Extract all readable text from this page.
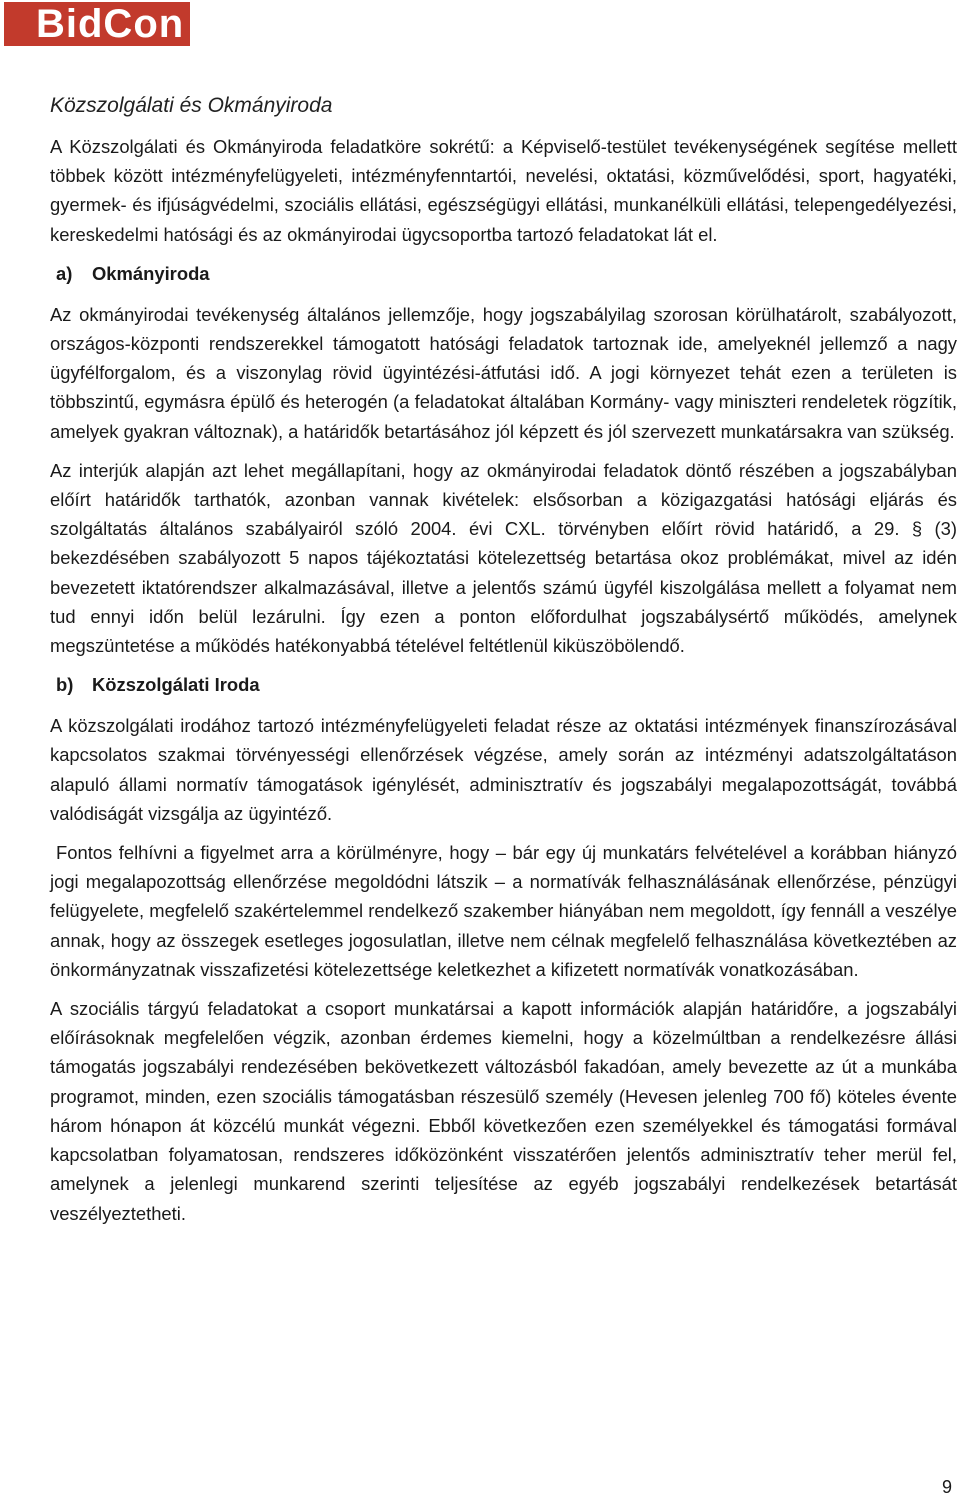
BidCon
Közszolgálati és Okmányiroda

A Közszolgálati és Okmányiroda feladatköre sokrétű: a Képviselő-testület tevékenységének segítése mellett többek között intézményfelügyeleti, intézményfenntartói, nevelési, oktatási, közművelődési, sport, hagyatéki, gyermek- és ifjúságvédelmi, szociális ellátási, egészségügyi ellátási, munkanélküli ellátási, telepengedélyezési, kereskedelmi hatósági és az okmányirodai ügycsoportba tartozó feladatokat lát el.

a) Okmányiroda

Az okmányirodai tevékenység általános jellemzője, hogy jogszabályilag szorosan körülhatárolt, szabályozott, országos-központi rendszerekkel támogatott hatósági feladatok tartoznak ide, amelyeknél jellemző a nagy ügyfélforgalom, és a viszonylag rövid ügyintézési-átfutási idő. A jogi környezet tehát ezen a területen is többszintű, egymásra épülő és heterogén (a feladatokat általában Kormány- vagy miniszteri rendeletek rögzítik, amelyek gyakran változnak), a határidők betartásához jól képzett és jól szervezett munkatársakra van szükség.

Az interjúk alapján azt lehet megállapítani, hogy az okmányirodai feladatok döntő részében a jogszabályban előírt határidők tarthatók, azonban vannak kivételek: elsősorban a közigazgatási hatósági eljárás és szolgáltatás általános szabályairól szóló 2004. évi CXL. törvényben előírt rövid határidő, a 29. § (3) bekezdésében szabályozott 5 napos tájékoztatási kötelezettség betartása okoz problémákat, mivel az idén bevezetett iktatórendszer alkalmazásával, illetve a jelentős számú ügyfél kiszolgálása mellett a folyamat nem tud ennyi időn belül lezárulni. Így ezen a ponton előfordulhat jogszabálysértő működés, amelynek megszüntetése a működés hatékonyabbá tételével feltétlenül kiküszöbölendő.

b) Közszolgálati Iroda

A közszolgálati irodához tartozó intézményfelügyeleti feladat része az oktatási intézmények finanszírozásával kapcsolatos szakmai törvényességi ellenőrzések végzése, amely során az intézményi adatszolgáltatáson alapuló állami normatív támogatások igénylését, adminisztratív és jogszabályi megalapozottságát, továbbá valódiságát vizsgálja az ügyintéző.

Fontos felhívni a figyelmet arra a körülményre, hogy – bár egy új munkatárs felvételével a korábban hiányzó jogi megalapozottság ellenőrzése megoldódni látszik – a normatívák felhasználásának ellenőrzése, pénzügyi felügyelete, megfelelő szakértelemmel rendelkező szakember hiányában nem megoldott, így fennáll a veszélye annak, hogy az összegek esetleges jogosulatlan, illetve nem célnak megfelelő felhasználása következtében az önkormányzatnak visszafizetési kötelezettsége keletkezhet a kifizetett normatívák vonatkozásában.

A szociális tárgyú feladatokat a csoport munkatársai a kapott információk alapján határidőre, a jogszabályi előírásoknak megfelelően végzik, azonban érdemes kiemelni, hogy a közelmúltban a rendelkezésre állási támogatás jogszabályi rendezésében bekövetkezett változásból fakadóan, amely bevezette az út a munkába programot, minden, ezen szociális támogatásban részesülő személy (Hevesen jelenleg 700 fő) köteles évente három hónapon át közcélú munkát végezni. Ebből következően ezen személyekkel és támogatási formával kapcsolatban folyamatosan, rendszeres időközönként visszatérően jelentős adminisztratív teher merül fel, amelynek a jelenlegi munkarend szerinti teljesítése az egyéb jogszabályi rendelkezések betartását veszélyeztetheti.

9
